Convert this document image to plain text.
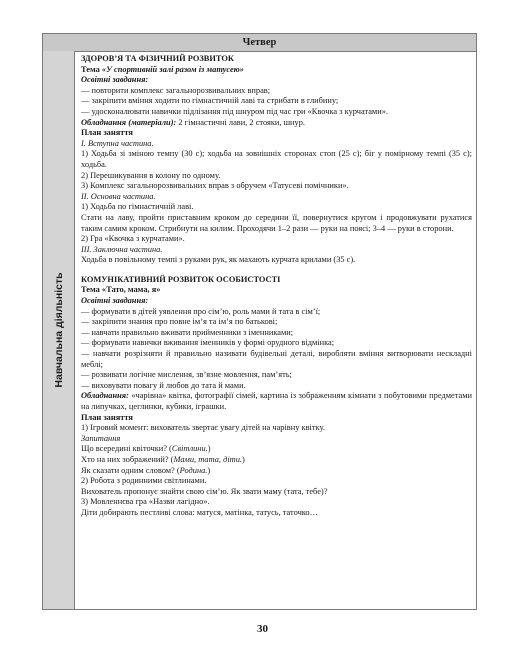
Четвер
Навчальна діяльність

ЗДОРОВ’Я ТА ФІЗИЧНИЙ РОЗВИТОК

Тема «У спортивній залі разом із матусею»

Освітні завдання:

— повторити комплекс загальнорозвивальних вправ;

— закріпити вміння ходити по гімнастичній лаві та стрибати в глибину;

— удосконалювати навички підлізання під шнуром під час гри «Квочка з курчатами».

Обладнання (матеріали): 2 гімнастичні лави, 2 стояки, шнур.

План заняття

І. Вступна частина.

1) Ходьба зі зміною темпу (30 с); ходьба на зовнішніх сторонах стоп (25 с); біг у помірному темпі (35 с); ходьба.

2) Перешикування в колону по одному.

3) Комплекс загальнорозвивальних вправ з обручем «Татусеві помічники».

ІІ. Основна частина.

1) Ходьба по гімнастичній лаві.

Стати на лаву, пройти приставним кроком до середини її, повернутися кругом і продовжувати рухатися таким самим кроком. Стрибнути на килим. Проходячи 1–2 рази — руки на поясі; 3–4 — руки в сторони.

2) Гра «Квочка з курчатами».

ІІІ. Заключна частина.

Ходьба в повільному темпі з руками рук, як махають курчата крилами (35 с).

КОМУНІКАТИВНИЙ РОЗВИТОК ОСОБИСТОСТІ

Тема «Тато, мама, я»

Освітні завдання:

— формувати в дітей уявлення про сім’ю, роль мами й тата в сім’ї;

— закріпити знання про повне ім’я та ім’я по батькові;

— навчати правильно вживати прийменники з іменниками;

— формувати навички вживання іменників у формі орудного відмінка;

— навчати розрізняти й правильно називати будівельні деталі, виробляти вміння витворювати нескладні меблі;

— розвивати логічне мислення, зв’язне мовлення, пам’ять;

— виховувати повагу й любов до тата й мами.

Обладнання: «чарівна» квітка, фотографії сімей, картина із зображенням кімнати з побутовими предметами на липучках, цеглинки, кубики, іграшки.

План заняття

1) Ігровий момент: вихователь звертає увагу дітей на чарівну квітку.

Запитання

Що всередині квіточки? (Світлини.)

Хто на них зображений? (Мами, тата, діти.)

Як сказати одним словом? (Родина.)

2) Робота з родинними світлинами.

Вихователь пропонує знайти свою сім’ю. Як звати маму (тата, тебе)?

3) Мовленнєва гра «Назви лагідно».

Діти добирають пестливі слова: матуся, матінка, татусь, таточко…

30
